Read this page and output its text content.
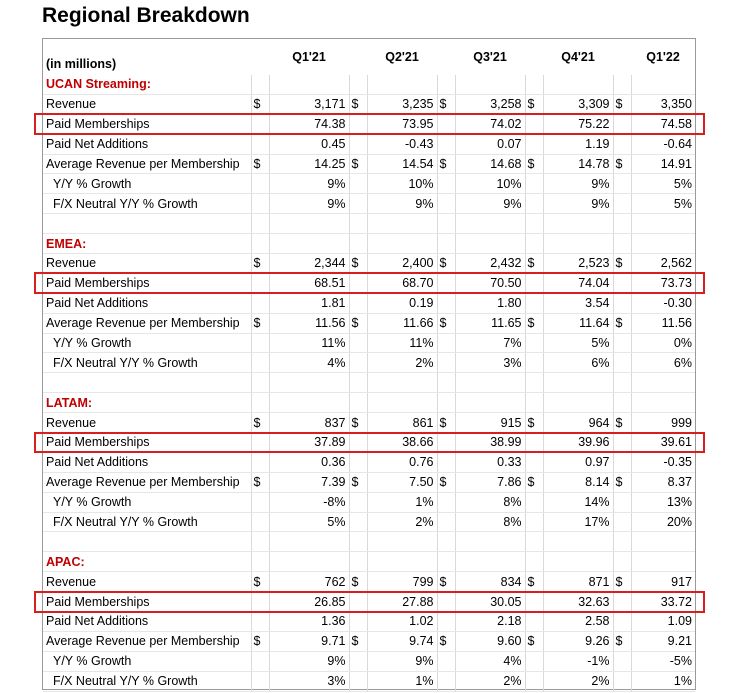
Regional Breakdown
(in millions)		Q1'21		Q2'21		Q3'21		Q4'21		Q1'22
UCAN Streaming:										
Revenue	$	3,171	$	3,235	$	3,258	$	3,309	$	3,350
Paid Memberships		74.38		73.95		74.02		75.22		74.58
Paid Net Additions		0.45		-0.43		0.07		1.19		-0.64
Average Revenue per Membership	$	14.25	$	14.54	$	14.68	$	14.78	$	14.91
Y/Y % Growth		9%		10%		10%		9%		5%
F/X Neutral Y/Y % Growth		9%		9%		9%		9%		5%

EMEA:										
Revenue	$	2,344	$	2,400	$	2,432	$	2,523	$	2,562
Paid Memberships		68.51		68.70		70.50		74.04		73.73
Paid Net Additions		1.81		0.19		1.80		3.54		-0.30
Average Revenue per Membership	$	11.56	$	11.66	$	11.65	$	11.64	$	11.56
Y/Y % Growth		11%		11%		7%		5%		0%
F/X Neutral Y/Y % Growth		4%		2%		3%		6%		6%

LATAM:										
Revenue	$	837	$	861	$	915	$	964	$	999
Paid Memberships		37.89		38.66		38.99		39.96		39.61
Paid Net Additions		0.36		0.76		0.33		0.97		-0.35
Average Revenue per Membership	$	7.39	$	7.50	$	7.86	$	8.14	$	8.37
Y/Y % Growth		-8%		1%		8%		14%		13%
F/X Neutral Y/Y % Growth		5%		2%		8%		17%		20%

APAC:										
Revenue	$	762	$	799	$	834	$	871	$	917
Paid Memberships		26.85		27.88		30.05		32.63		33.72
Paid Net Additions		1.36		1.02		2.18		2.58		1.09
Average Revenue per Membership	$	9.71	$	9.74	$	9.60	$	9.26	$	9.21
Y/Y % Growth		9%		9%		4%		-1%		-5%
F/X Neutral Y/Y % Growth		3%		1%		2%		2%		1%
